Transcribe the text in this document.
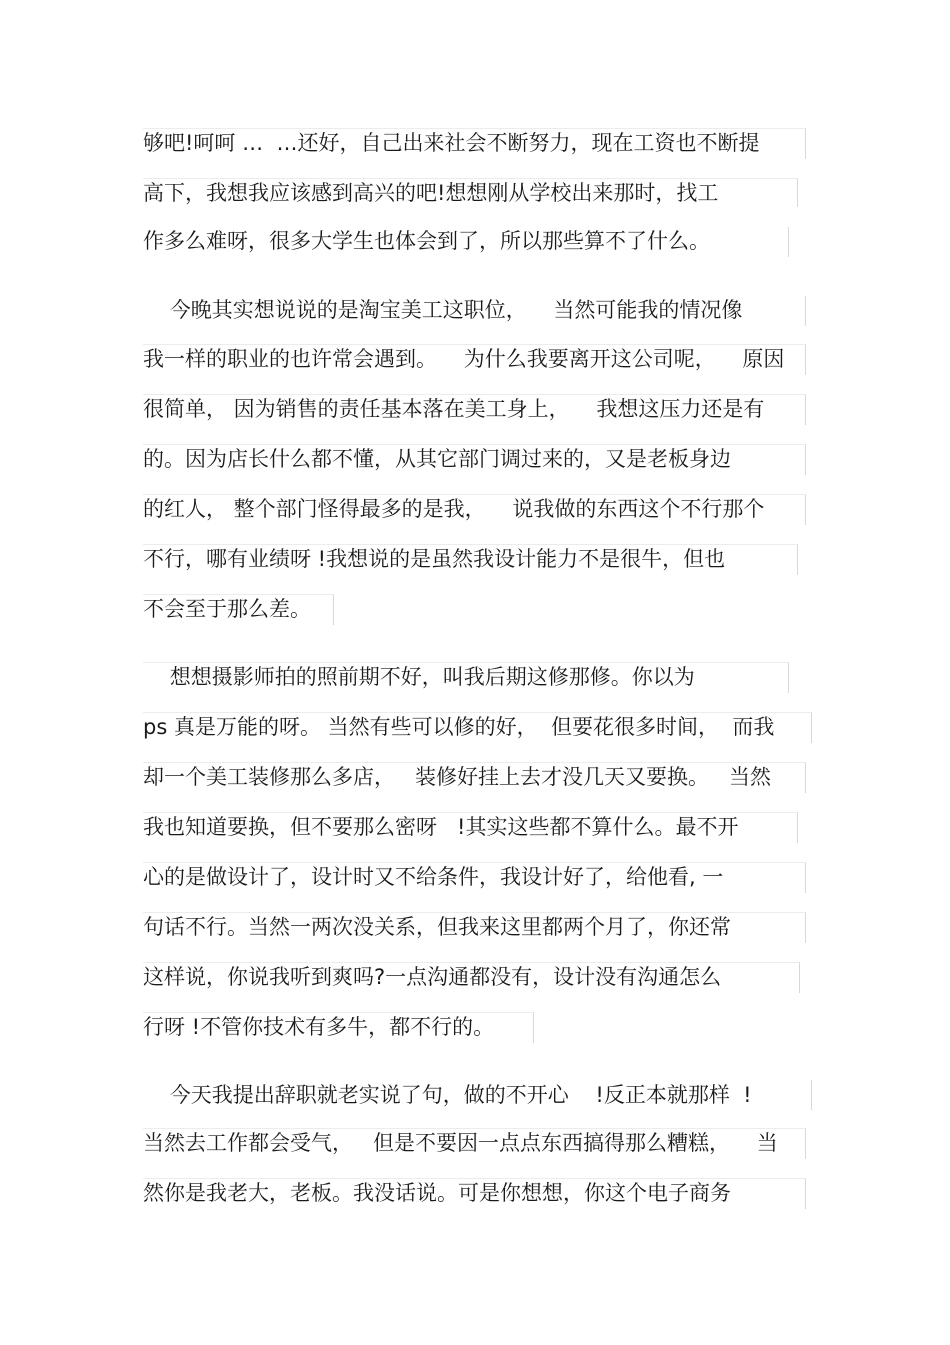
够吧!呵呵 …  …还好，自己出来社会不断努力，现在工资也不断提
高下，我想我应该感到高兴的吧!想想刚从学校出来那时，找工
作多么难呀，很多大学生也体会到了，所以那些算不了什么。
今晚其实想说说的是淘宝美工这职位，    当然可能我的情况像
我一样的职业的也许常会遇到。    为什么我要离开这公司呢，    原因
很简单， 因为销售的责任基本落在美工身上，    我想这压力还是有
的。因为店长什么都不懂，从其它部门调过来的，又是老板身边
的红人， 整个部门怪得最多的是我，    说我做的东西这个不行那个
不行，哪有业绩呀 !我想说的是虽然我设计能力不是很牛，但也
不会至于那么差。
想想摄影师拍的照前期不好，叫我后期这修那修。你以为
ps 真是万能的呀。 当然有些可以修的好，  但要花很多时间，  而我
却一个美工装修那么多店，   装修好挂上去才没几天又要换。   当然
我也知道要换，但不要那么密呀   !其实这些都不算什么。最不开
心的是做设计了，设计时又不给条件，我设计好了，给他看, 一
句话不行。当然一两次没关系，但我来这里都两个月了，你还常
这样说，你说我听到爽吗?一点沟通都没有，设计没有沟通怎么
行呀 !不管你技术有多牛，都不行的。
今天我提出辞职就老实说了句，做的不开心    !反正本就那样  !
当然去工作都会受气，   但是不要因一点点东西搞得那么糟糕，    当
然你是我老大，老板。我没话说。可是你想想，你这个电子商务
